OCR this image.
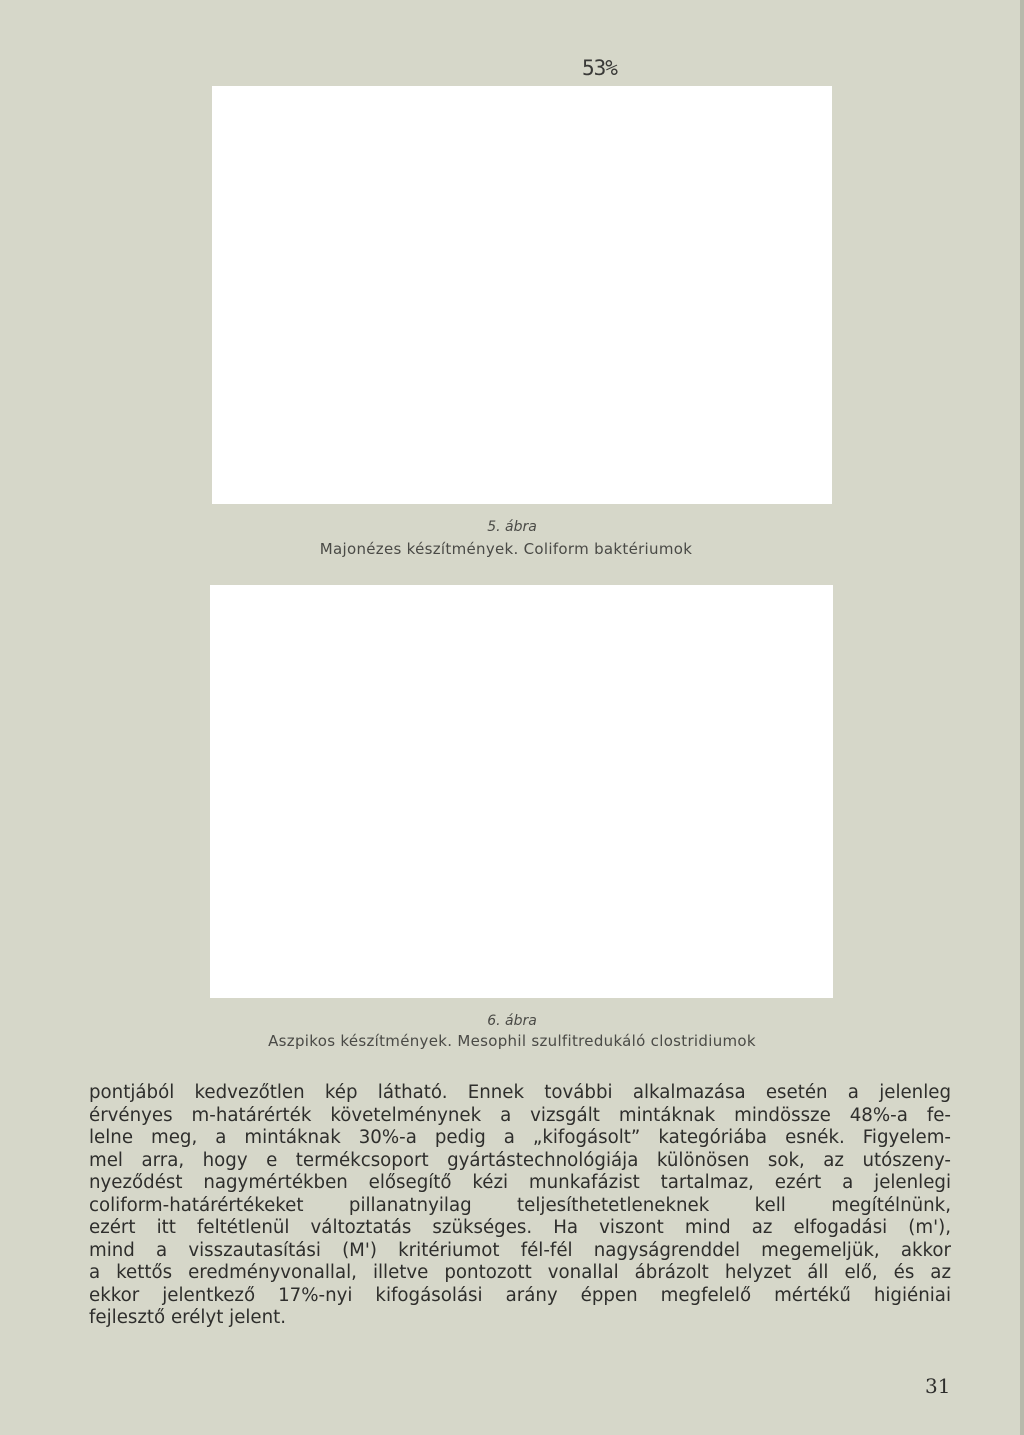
53%
5. ábra
Majonézes készítmények. Coliform baktériumok
6. ábra
Aszpikos készítmények. Mesophil szulfitredukáló clostridiumok
pontjából kedvezőtlen kép látható. Ennek további alkalmazása esetén a jelenleg
érvényes m-határérték követelménynek a vizsgált mintáknak mindössze 48%-a fe-
lelne meg, a mintáknak 30%-a pedig a „kifogásolt” kategóriába esnék. Figyelem-
mel arra, hogy e termékcsoport gyártástechnológiája különösen sok, az utószeny-
nyeződést nagymértékben elősegítő kézi munkafázist tartalmaz, ezért a jelenlegi
coliform-határértékeket pillanatnyilag teljesíthetetleneknek kell megítélnünk,
ezért itt feltétlenül változtatás szükséges. Ha viszont mind az elfogadási (m'),
mind a visszautasítási (M') kritériumot fél-fél nagyságrenddel megemeljük, akkor
a kettős eredményvonallal, illetve pontozott vonallal ábrázolt helyzet áll elő, és az
ekkor jelentkező 17%-nyi kifogásolási arány éppen megfelelő mértékű higiéniai
fejlesztő erélyt jelent.
31
